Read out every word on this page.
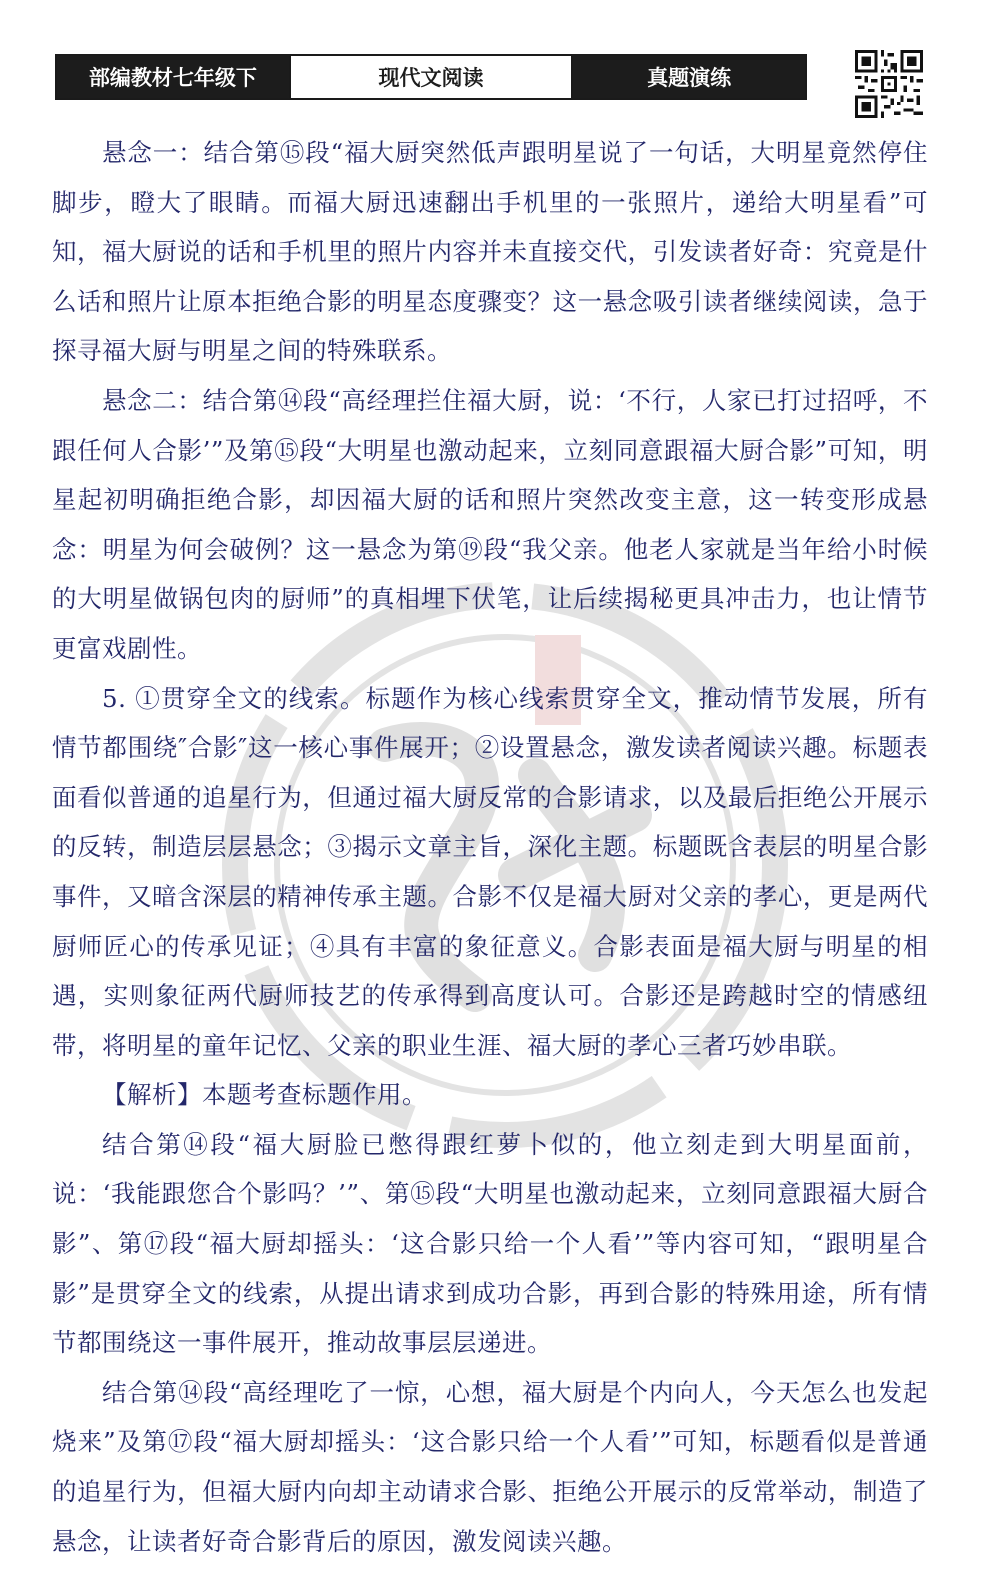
部编教材七年级下	现代文阅读	真题演练

悬念一：结合第⑮段“福大厨突然低声跟明星说了一句话，大明星竟然停住脚步，瞪大了眼睛。而福大厨迅速翻出手机里的一张照片，递给大明星看”可知，福大厨说的话和手机里的照片内容并未直接交代，引发读者好奇：究竟是什么话和照片让原本拒绝合影的明星态度骤变？这一悬念吸引读者继续阅读，急于探寻福大厨与明星之间的特殊联系。

悬念二：结合第⑭段“高经理拦住福大厨，说：‘不行，人家已打过招呼，不跟任何人合影’”及第⑮段“大明星也激动起来，立刻同意跟福大厨合影”可知，明星起初明确拒绝合影，却因福大厨的话和照片突然改变主意，这一转变形成悬念：明星为何会破例？这一悬念为第⑲段“我父亲。他老人家就是当年给小时候的大明星做锅包肉的厨师”的真相埋下伏笔，让后续揭秘更具冲击力，也让情节更富戏剧性。

5. ①贯穿全文的线索。标题作为核心线索贯穿全文，推动情节发展，所有情节都围绕″合影″这一核心事件展开；②设置悬念，激发读者阅读兴趣。标题表面看似普通的追星行为，但通过福大厨反常的合影请求，以及最后拒绝公开展示的反转，制造层层悬念；③揭示文章主旨，深化主题。标题既含表层的明星合影事件，又暗含深层的精神传承主题。合影不仅是福大厨对父亲的孝心，更是两代厨师匠心的传承见证；④具有丰富的象征意义。合影表面是福大厨与明星的相遇，实则象征两代厨师技艺的传承得到高度认可。合影还是跨越时空的情感纽带，将明星的童年记忆、父亲的职业生涯、福大厨的孝心三者巧妙串联。

【解析】本题考查标题作用。

结合第⑭段“福大厨脸已憋得跟红萝卜似的，他立刻走到大明星面前，说：‘我能跟您合个影吗？’”、第⑮段“大明星也激动起来，立刻同意跟福大厨合影”、第⑰段“福大厨却摇头：‘这合影只给一个人看’”等内容可知，“跟明星合影”是贯穿全文的线索，从提出请求到成功合影，再到合影的特殊用途，所有情节都围绕这一事件展开，推动故事层层递进。

结合第⑭段“高经理吃了一惊，心想，福大厨是个内向人，今天怎么也发起烧来”及第⑰段“福大厨却摇头：‘这合影只给一个人看’”可知，标题看似是普通的追星行为，但福大厨内向却主动请求合影、拒绝公开展示的反常举动，制造了悬念，让读者好奇合影背后的原因，激发阅读兴趣。
